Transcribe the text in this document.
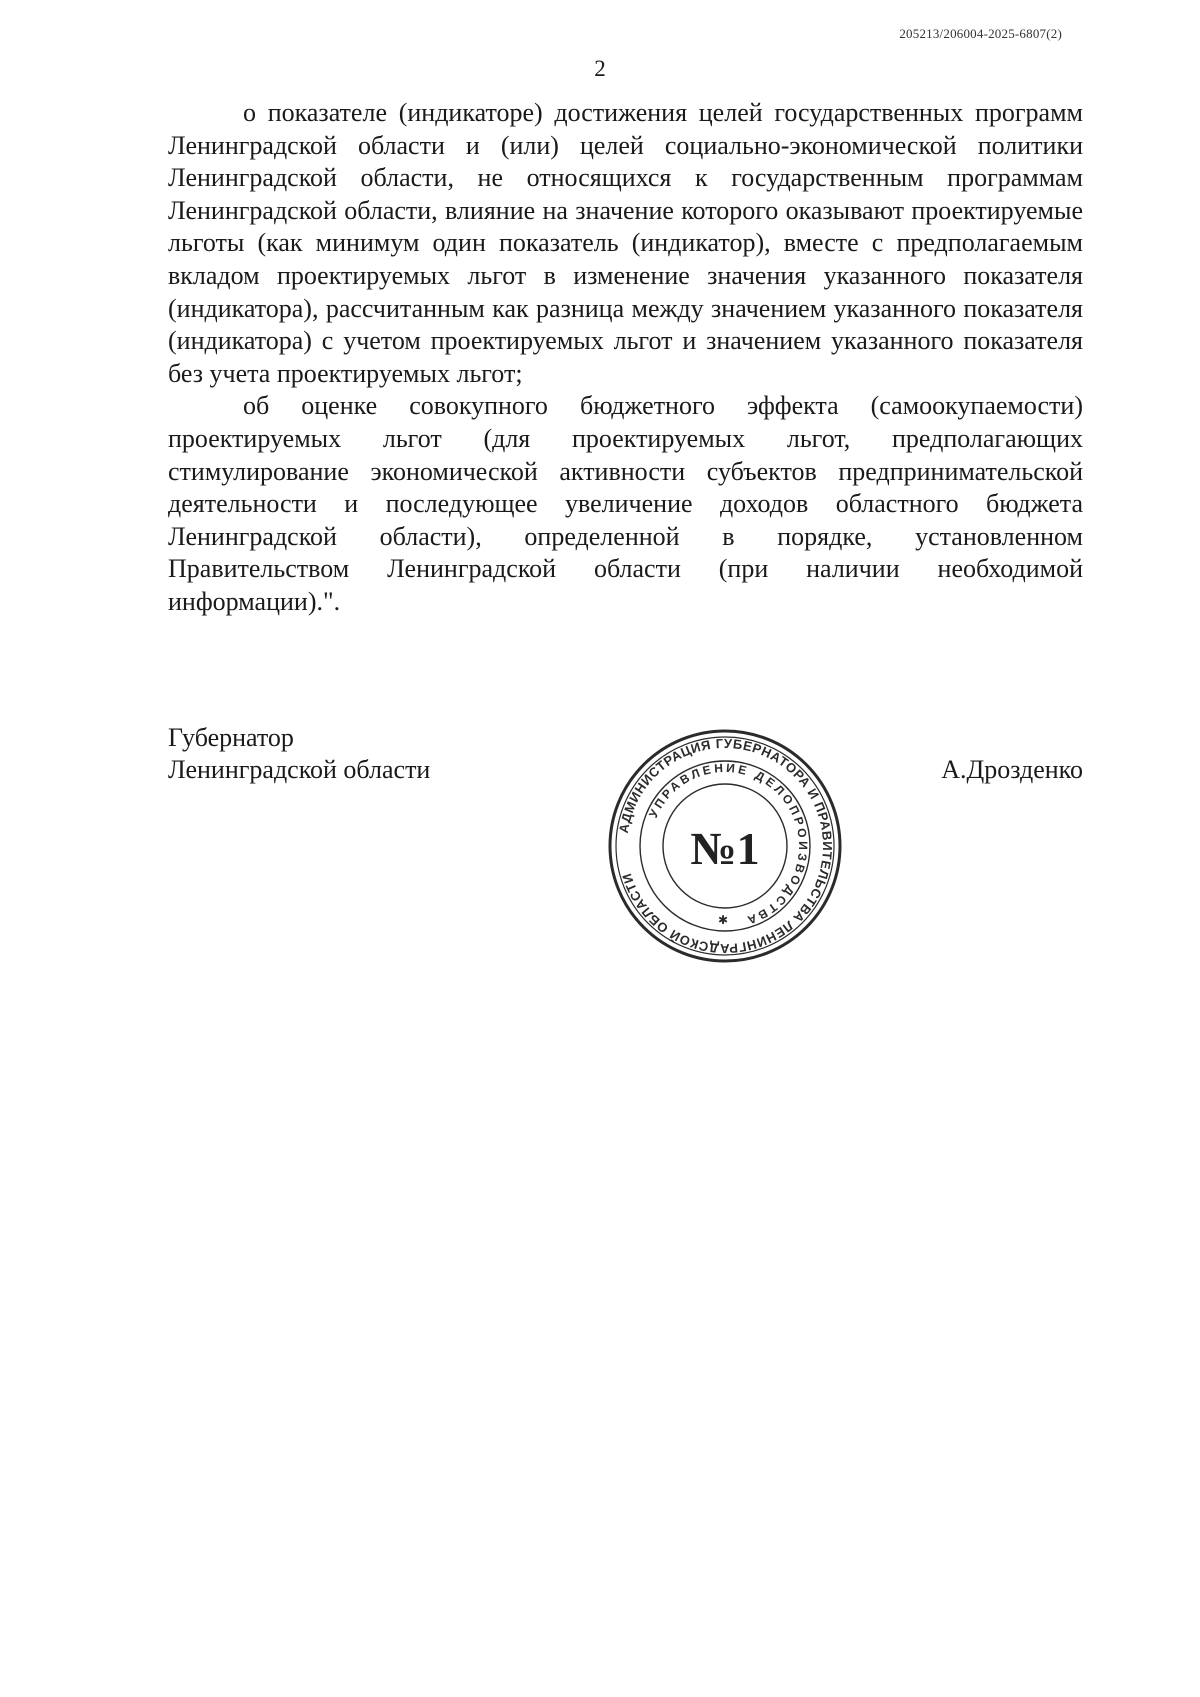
205213/206004-2025-6807(2)
2

о показателе (индикаторе) достижения целей государственных программ Ленинградской области и (или) целей социально-экономической политики Ленинградской области, не относящихся к государственным программам Ленинградской области, влияние на значение которого оказывают проектируемые льготы (как минимум один показатель (индикатор), вместе с предполагаемым вкладом проектируемых льгот в изменение значения указанного показателя (индикатора), рассчитанным как разница между значением указанного показателя (индикатора) с учетом проектируемых льгот и значением указанного показателя без учета проектируемых льгот;

об оценке совокупного бюджетного эффекта (самоокупаемости) проектируемых льгот (для проектируемых льгот, предполагающих стимулирование экономической активности субъектов предпринимательской деятельности и последующее увеличение доходов областного бюджета Ленинградской области), определенной в порядке, установленном Правительством Ленинградской области (при наличии необходимой информации).".

Губернатор
Ленинградской области	А.Дрозденко
АДМИНИСТРАЦИЯ ГУБЕРНАТОРА И ПРАВИТЕЛЬСТВА ЛЕНИНГРАДСКОЙ ОБЛАСТИ
УПРАВЛЕНИЕ ДЕЛОПРОИЗВОДСТВА
№1
✱
